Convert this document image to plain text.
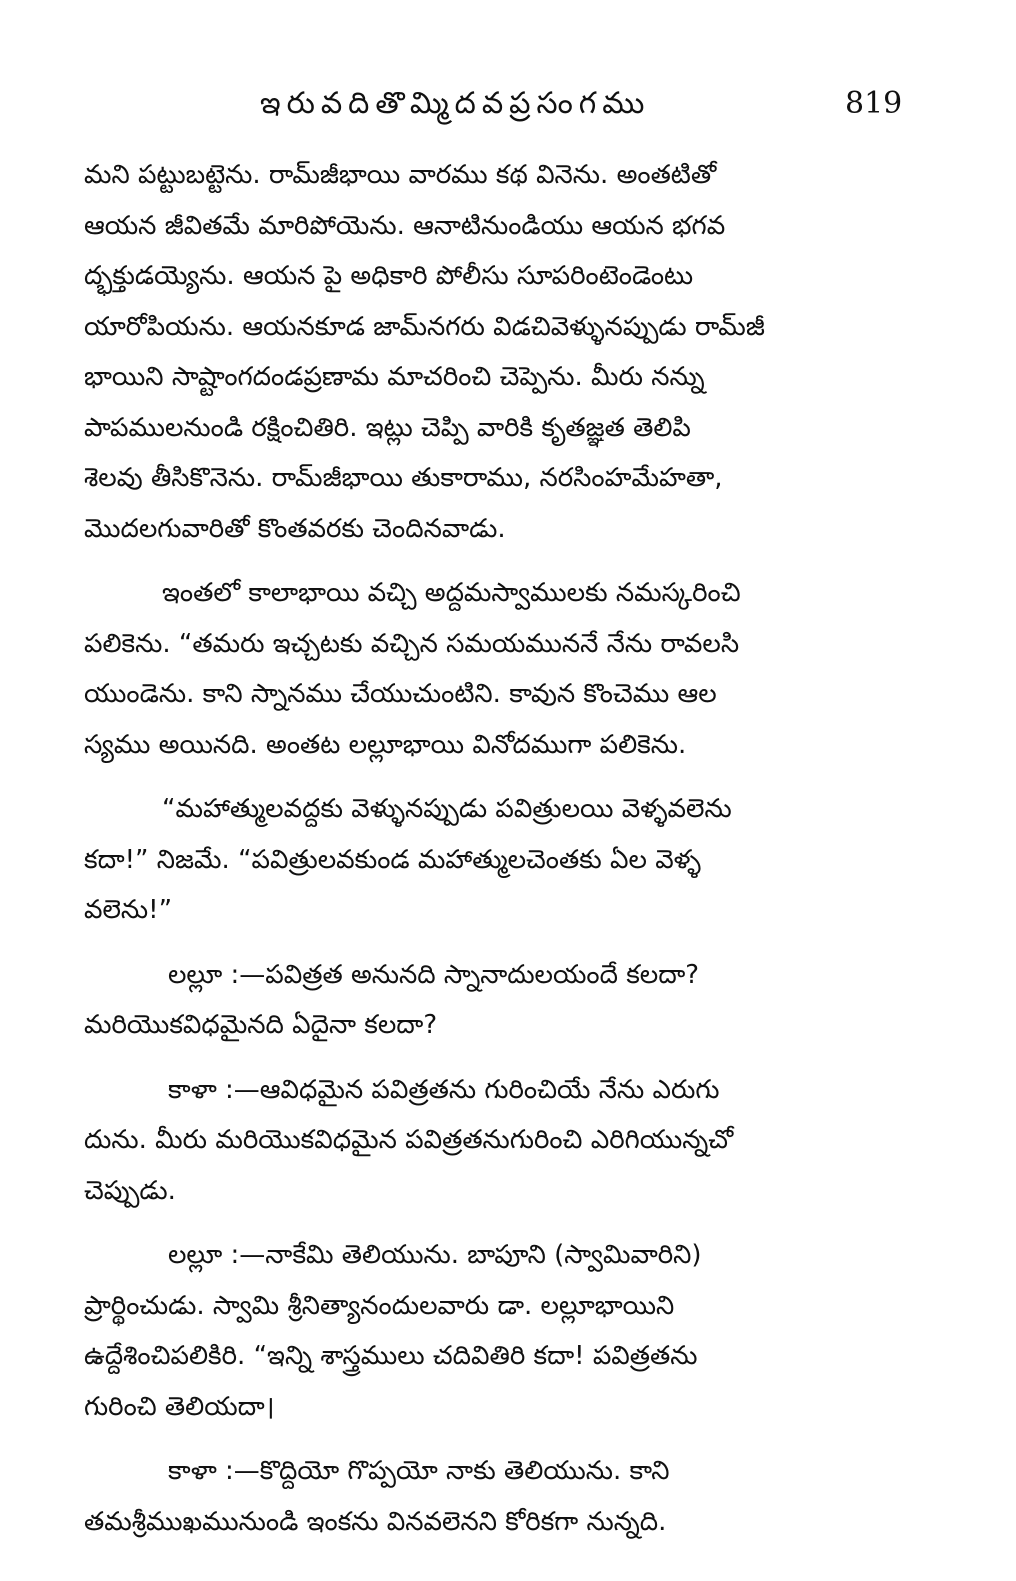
ఇరువదితొమ్మిదవప్రసంగము	819
మని పట్టుబట్టెను. రామ్‌జీభాయి వారము కథ వినెను. అంతటితో
ఆయన జీవితమే మారిపోయెను. ఆనాటినుండియు ఆయన భగవ
ద్భక్తుడయ్యెను. ఆయన పై అధికారి పోలీసు సూపరింటెండెంటు
యారోపియను. ఆయనకూడ జామ్‌నగరు విడచివెళ్ళునప్పుడు రామ్‌జీ
భాయిని సాష్టాంగదండప్రణామ మాచరించి చెప్పెను. మీరు నన్ను
పాపములనుండి రక్షించితిరి. ఇట్లు చెప్పి వారికి కృతజ్ఞత తెలిపి
శెలవు తీసికొనెను. రామ్‌జీభాయి తుకారాము, నరసింహమేహతా,
మొదలగువారితో కొంతవరకు చెందినవాడు.
ఇంతలో కాలాభాయి వచ్చి అద్దమస్వాములకు నమస్కరించి
పలికెను. “తమరు ఇచ్చటకు వచ్చిన సమయముననే నేను రావలసి
యుండెను. కాని స్నానము చేయుచుంటిని. కావున కొంచెము ఆల
స్యము అయినది. అంతట లల్లూభాయి వినోదముగా పలికెను.
“మహాత్ములవద్దకు వెళ్ళునప్పుడు పవిత్రులయి వెళ్ళవలెను
కదా!” నిజమే. “పవిత్రులవకుండ మహాత్ములచెంతకు ఏల వెళ్ళ
వలెను!”
లల్లూ :—పవిత్రత అనునది స్నానాదులయందే కలదా?
మరియొకవిధమైనది ఏదైనా కలదా?
కాళా :—ఆవిధమైన పవిత్రతను గురించియే నేను ఎరుగు
దును. మీరు మరియొకవిధమైన పవిత్రతనుగురించి ఎరిగియున్నచో
చెప్పుడు.
లల్లూ :—నాకేమి తెలియును. బాపూని (స్వామివారిని)
ప్రార్థించుడు. స్వామి శ్రీనిత్యానందులవారు డా. లల్లూభాయిని
ఉద్దేశించిపలికిరి. “ఇన్ని శాస్త్రములు చదివితిరి కదా! పవిత్రతను
గురించి తెలియదా।
కాళా :—కొద్దియో గొప్పయో నాకు తెలియును. కాని
తమశ్రీముఖమునుండి ఇంకను వినవలెనని కోరికగా నున్నది.
